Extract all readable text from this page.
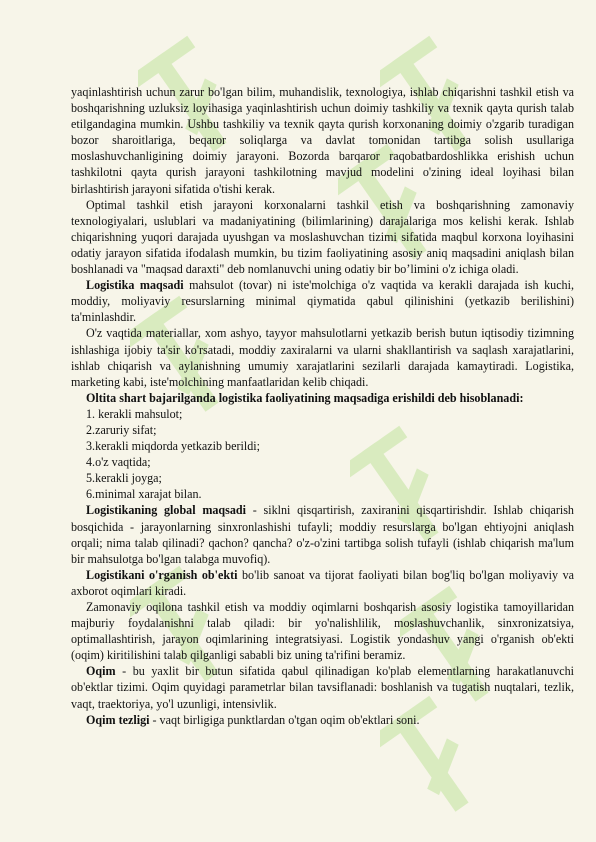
yaqinlashtirish uchun zarur bo'lgan bilim, muhandislik, texnologiya, ishlab chiqarishni tashkil etish va boshqarishning uzluksiz loyihasiga yaqinlashtirish uchun doimiy tashkiliy va texnik qayta qurish talab etilgandagina mumkin. Ushbu tashkiliy va texnik qayta qurish korxonaning doimiy o'zgarib turadigan bozor sharoitlariga, beqaror soliqlarga va davlat tomonidan tartibga solish usullariga moslashuvchanligining doimiy jarayoni. Bozorda barqaror raqobatbardoshlikka erishish uchun tashkilotni qayta qurish jarayoni tashkilotning mavjud modelini o'zining ideal loyihasi bilan birlashtirish jarayoni sifatida o'tishi kerak.

Optimal tashkil etish jarayoni korxonalarni tashkil etish va boshqarishning zamonaviy texnologiyalari, uslublari va madaniyatining (bilimlarining) darajalariga mos kelishi kerak. Ishlab chiqarishning yuqori darajada uyushgan va moslashuvchan tizimi sifatida maqbul korxona loyihasini odatiy jarayon sifatida ifodalash mumkin, bu tizim faoliyatining asosiy aniq maqsadini aniqlash bilan boshlanadi va "maqsad daraxti" deb nomlanuvchi uning odatiy bir bo’limini o'z ichiga oladi.

Logistika maqsadi mahsulot (tovar) ni iste'molchiga o'z vaqtida va kerakli darajada ish kuchi, moddiy, moliyaviy resurslarning minimal qiymatida qabul qilinishini (yetkazib berilishini) ta'minlashdir.

O'z vaqtida materiallar, xom ashyo, tayyor mahsulotlarni yetkazib berish butun iqtisodiy tizimning ishlashiga ijobiy ta'sir ko'rsatadi, moddiy zaxiralarni va ularni shakllantirish va saqlash xarajatlarini, ishlab chiqarish va aylanishning umumiy xarajatlarini sezilarli darajada kamaytiradi. Logistika, marketing kabi, iste'molchining manfaatlaridan kelib chiqadi.

Oltita shart bajarilganda logistika faoliyatining maqsadiga erishildi deb hisoblanadi:

1. kerakli mahsulot;

2.zaruriy sifat;

3.kerakli miqdorda yetkazib berildi;

4.o'z vaqtida;

5.kerakli joyga;

6.minimal xarajat bilan.

Logistikaning global maqsadi - siklni qisqartirish, zaxiranini qisqartirishdir. Ishlab chiqarish bosqichida - jarayonlarning sinxronlashishi tufayli; moddiy resurslarga bo'lgan ehtiyojni aniqlash orqali; nima talab qilinadi? qachon? qancha? o'z-o'zini tartibga solish tufayli (ishlab chiqarish ma'lum bir mahsulotga bo'lgan talabga muvofiq).

Logistikani o'rganish ob'ekti bo'lib sanoat va tijorat faoliyati bilan bog'liq bo'lgan moliyaviy va axborot oqimlari kiradi.

Zamonaviy oqilona tashkil etish va moddiy oqimlarni boshqarish asosiy logistika tamoyillaridan majburiy foydalanishni talab qiladi: bir yo'nalishlilik, moslashuvchanlik, sinxronizatsiya, optimallashtirish, jarayon oqimlarining integratsiyasi. Logistik yondashuv yangi o'rganish ob'ekti (oqim) kiritilishini talab qilganligi sababli biz uning ta'rifini beramiz.

Oqim - bu yaxlit bir butun sifatida qabul qilinadigan ko'plab elementlarning harakatlanuvchi ob'ektlar tizimi. Oqim quyidagi parametrlar bilan tavsiflanadi: boshlanish va tugatish nuqtalari, tezlik, vaqt, traektoriya, yo'l uzunligi, intensivlik.

Oqim tezligi - vaqt birligiga punktlardan o'tgan oqim ob'ektlari soni.
